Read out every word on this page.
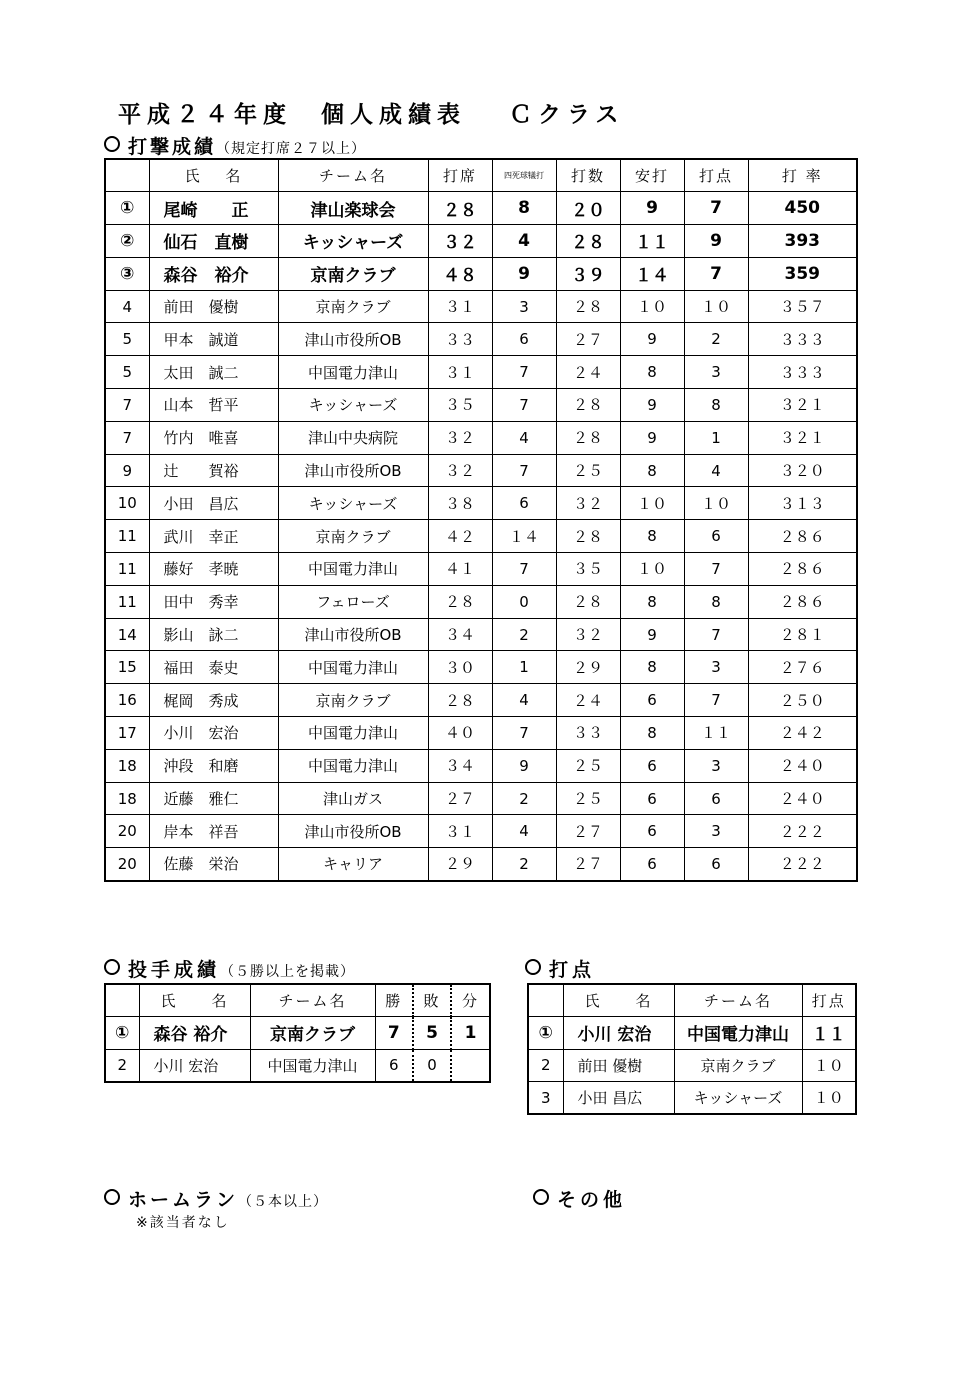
平成２４年度　個人成績表　 Ｃクラス
打撃成績（規定打席２７以上）
	氏　 名	チーム名	打席	四死球犠打	打数	安打	打点	打 率
①	尾崎　　正	津山楽球会	２８	8	２０	9	7	450
②	仙石　直樹	キッシャーズ	３２	4	２８	１１	9	393
③	森谷　裕介	京南クラブ	４８	9	３９	１４	7	359
4	前田　優樹	京南クラブ	３１	3	２８	１０	１０	３５７
5	甲本　誠道	津山市役所OB	３３	6	２７	9	2	３３３
5	太田　誠二	中国電力津山	３１	7	２４	8	3	３３３
7	山本　哲平	キッシャーズ	３５	7	２８	9	8	３２１
7	竹内　唯喜	津山中央病院	３２	4	２８	9	1	３２１
9	辻　　賀裕	津山市役所OB	３２	7	２５	8	4	３２０
10	小田　昌広	キッシャーズ	３８	6	３２	１０	１０	３１３
11	武川　幸正	京南クラブ	４２	１４	２８	8	6	２８６
11	藤好　孝暁	中国電力津山	４１	7	３５	１０	7	２８６
11	田中　秀幸	フェローズ	２８	0	２８	8	8	２８６
14	影山　詠二	津山市役所OB	３４	2	３２	9	7	２８１
15	福田　泰史	中国電力津山	３０	1	２９	8	3	２７６
16	梶岡　秀成	京南クラブ	２８	4	２４	6	7	２５０
17	小川　宏治	中国電力津山	４０	7	３３	8	１１	２４２
18	沖段　和磨	中国電力津山	３４	9	２５	6	3	２４０
18	近藤　雅仁	津山ガス	２７	2	２５	6	6	２４０
20	岸本　祥吾	津山市役所OB	３１	4	２７	6	3	２２２
20	佐藤　栄治	キャリア	２９	2	２７	6	6	２２２
投手成績（５勝以上を掲載）
	氏　　名	チーム名	勝	敗	分
①	森谷 裕介	京南クラブ	7	5	1
2	小川 宏治	中国電力津山	6	0	
打点
	氏　　名	チーム名	打点
①	小川 宏治	中国電力津山	１１
2	前田 優樹	京南クラブ	１０
3	小田 昌広	キッシャーズ	１０
ホームラン（５本以上）
※該当者なし
その他
